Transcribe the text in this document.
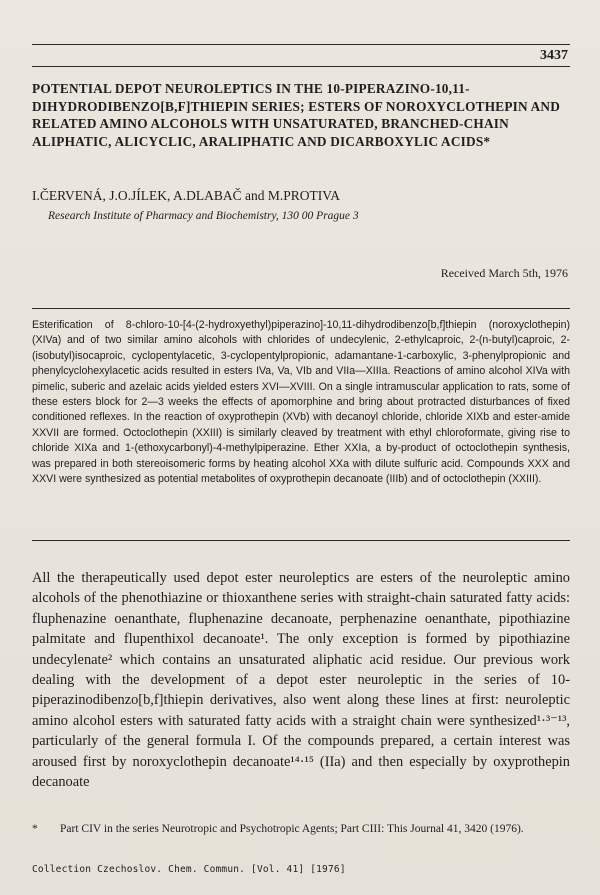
3437
POTENTIAL DEPOT NEUROLEPTICS IN THE 10-PIPERAZINO-10,11-DIHYDRODIBENZO[B,F]THIEPIN SERIES; ESTERS OF NOROXYCLOTHEPIN AND RELATED AMINO ALCOHOLS WITH UNSATURATED, BRANCHED-CHAIN ALIPHATIC, ALICYCLIC, ARALIPHATIC AND DICARBOXYLIC ACIDS*
I.ČERVENÁ, J.O.JÍLEK, A.DLABAČ and M.PROTIVA
Research Institute of Pharmacy and Biochemistry, 130 00 Prague 3
Received March 5th, 1976
Esterification of 8-chloro-10-[4-(2-hydroxyethyl)piperazino]-10,11-dihydrodibenzo[b,f]thiepin (noroxyclothepin) (XIVa) and of two similar amino alcohols with chlorides of undecylenic, 2-ethylcaproic, 2-(n-butyl)caproic, 2-(isobutyl)isocaproic, cyclopentylacetic, 3-cyclopentylpropionic, adamantane-1-carboxylic, 3-phenylpropionic and phenylcyclohexylacetic acids resulted in esters IVa, Va, VIb and VIIa—XIIIa. Reactions of amino alcohol XIVa with pimelic, suberic and azelaic acids yielded esters XVI—XVIII. On a single intramuscular application to rats, some of these esters block for 2—3 weeks the effects of apomorphine and bring about protracted disturbances of fixed conditioned reflexes. In the reaction of oxyprothepin (XVb) with decanoyl chloride, chloride XIXb and ester-amide XXVII are formed. Octoclothepin (XXIII) is similarly cleaved by treatment with ethyl chloroformate, giving rise to chloride XIXa and 1-(ethoxycarbonyl)-4-methylpiperazine. Ether XXIa, a by-product of octoclothepin synthesis, was prepared in both stereoisomeric forms by heating alcohol XXa with dilute sulfuric acid. Compounds XXX and XXVI were synthesized as potential metabolites of oxyprothepin decanoate (IIIb) and of octoclothepin (XXIII).
All the therapeutically used depot ester neuroleptics are esters of the neuroleptic amino alcohols of the phenothiazine or thioxanthene series with straight-chain saturated fatty acids: fluphenazine oenanthate, fluphenazine decanoate, perphenazine oenanthate, pipothiazine palmitate and flupenthixol decanoate¹. The only exception is formed by pipothiazine undecylenate² which contains an unsaturated aliphatic acid residue. Our previous work dealing with the development of a depot ester neuroleptic in the series of 10-piperazinodibenzo[b,f]thiepin derivatives, also went along these lines at first: neuroleptic amino alcohol esters with saturated fatty acids with a straight chain were synthesized¹·³⁻¹³, particularly of the general formula I. Of the compounds prepared, a certain interest was aroused first by noroxyclothepin decanoate¹⁴·¹⁵ (IIa) and then especially by oxyprothepin decanoate
* Part CIV in the series Neurotropic and Psychotropic Agents; Part CIII: This Journal 41, 3420 (1976).
Collection Czechoslov. Chem. Commun. [Vol. 41] [1976]
